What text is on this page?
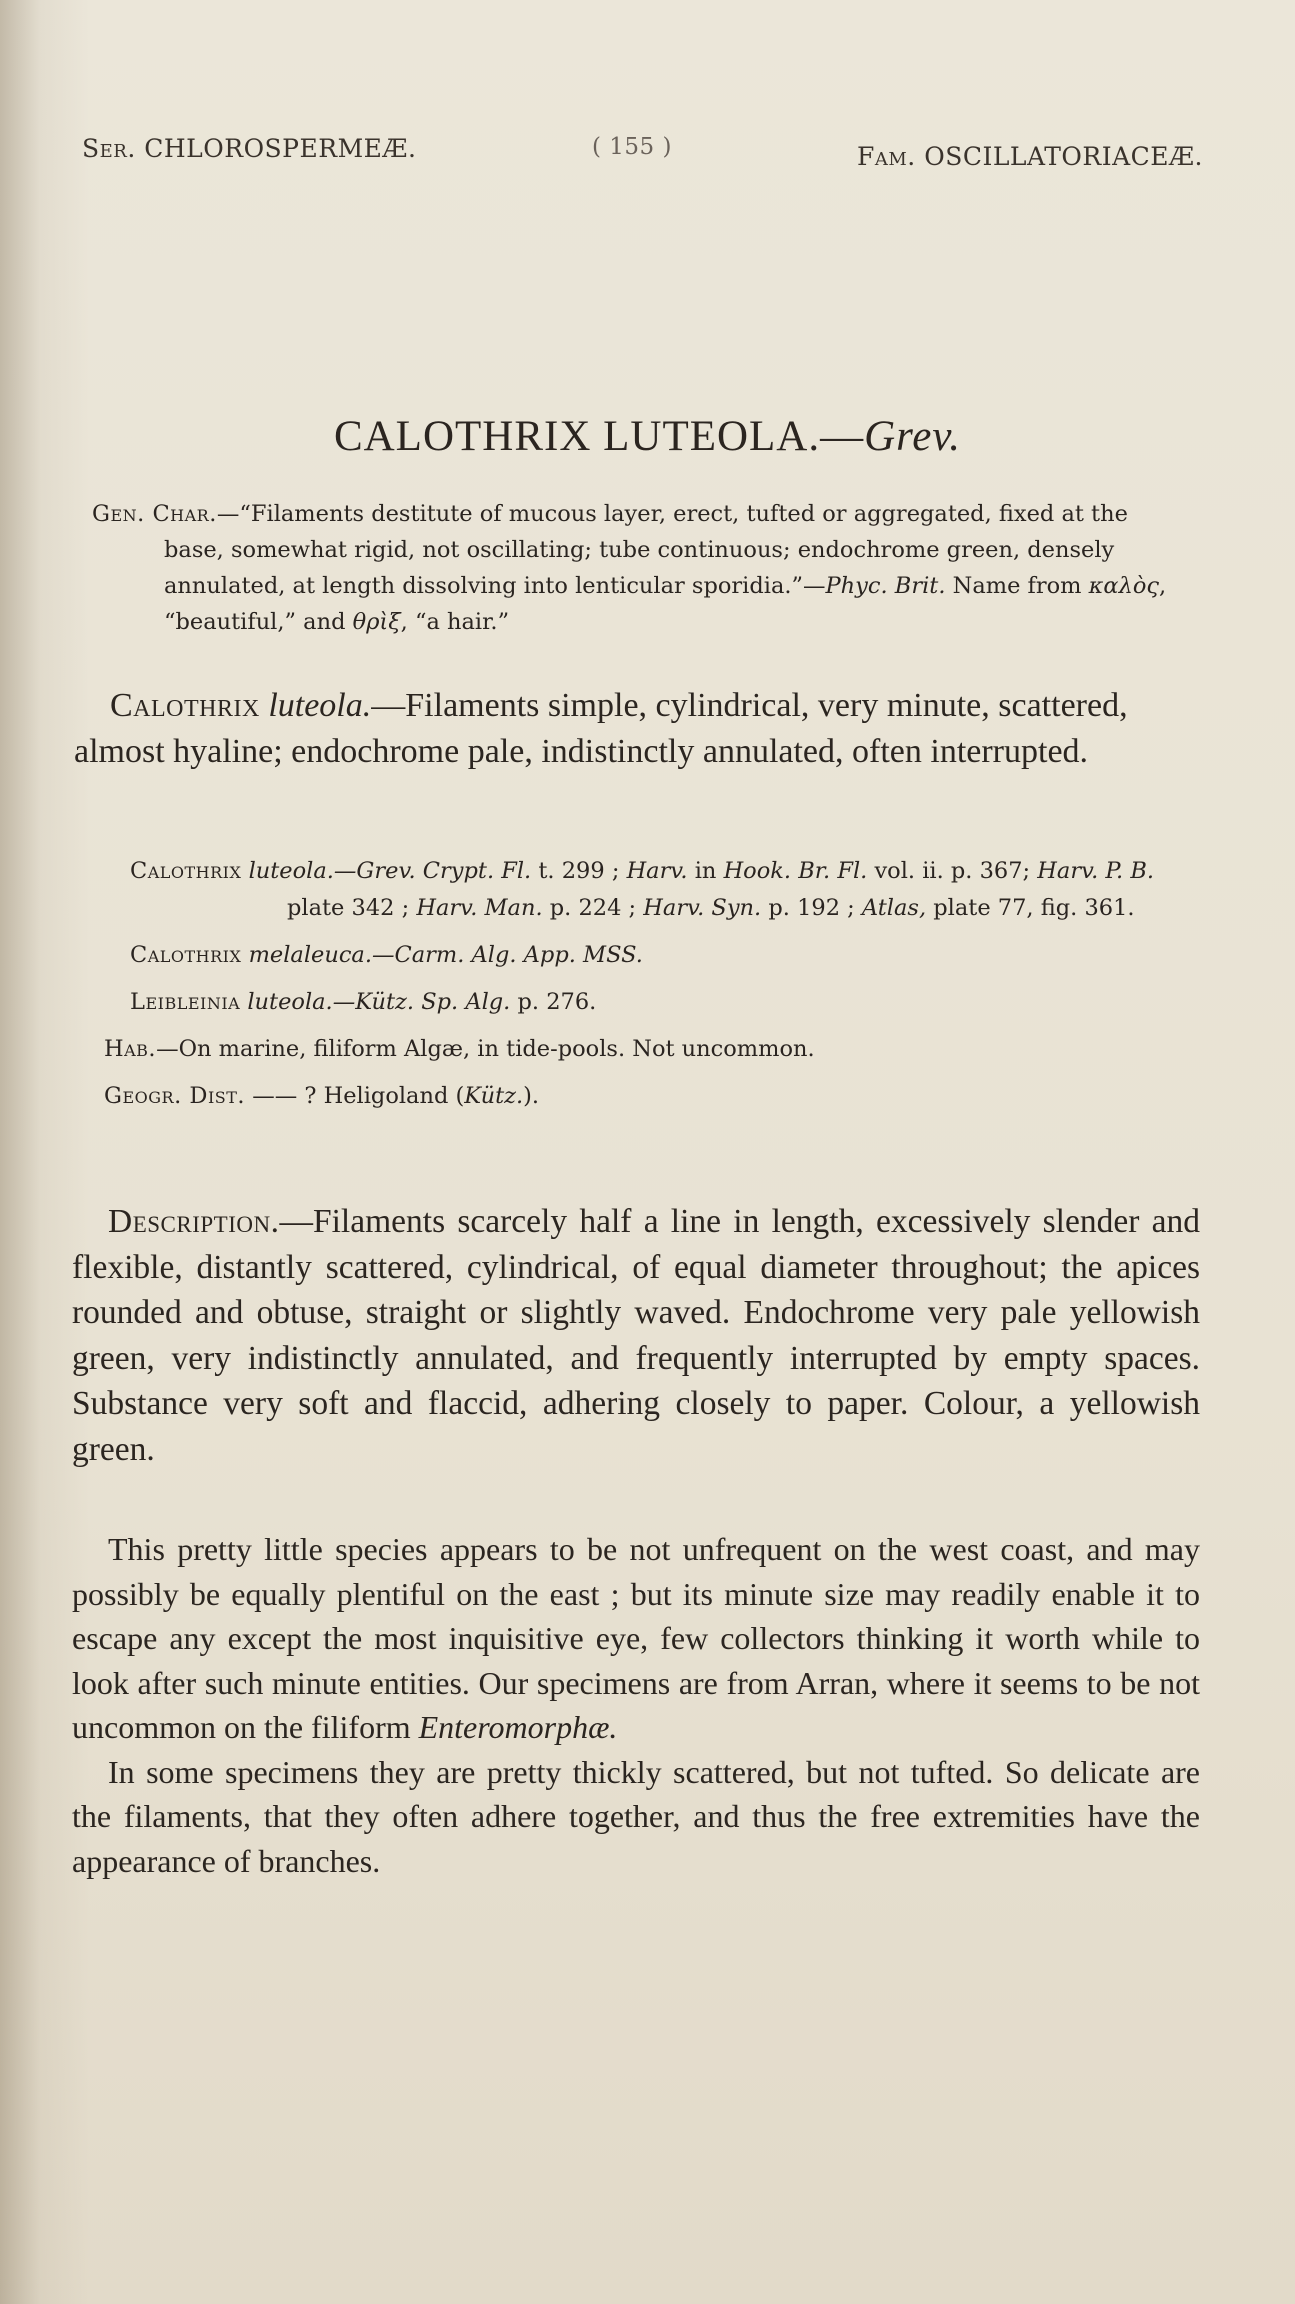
Ser. CHLOROSPERMEÆ.	( 155 )	Fam. OSCILLATORIACEÆ.
CALOTHRIX LUTEOLA.—Grev.

Gen. Char.—“Filaments destitute of mucous layer, erect, tufted or aggregated, fixed at the base, somewhat rigid, not oscillating; tube continuous; endochrome green, densely annulated, at length dissolving into lenticular sporidia.”—Phyc. Brit. Name from καλὸς, “beautiful,” and θρὶξ, “a hair.”

Calothrix luteola.—Filaments simple, cylindrical, very minute, scattered, almost hyaline; endochrome pale, indistinctly annulated, often interrupted.

Calothrix luteola.—Grev. Crypt. Fl. t. 299 ; Harv. in Hook. Br. Fl. vol. ii. p. 367; Harv. P. B. plate 342 ; Harv. Man. p. 224 ; Harv. Syn. p. 192 ; Atlas, plate 77, fig. 361.

Calothrix melaleuca.—Carm. Alg. App. MSS.

Leibleinia luteola.—Kütz. Sp. Alg. p. 276.

Hab.—On marine, filiform Algæ, in tide-pools. Not uncommon.

Geogr. Dist. —— ? Heligoland (Kütz.).

Description.—Filaments scarcely half a line in length, excessively slender and flexible, distantly scattered, cylindrical, of equal diameter throughout; the apices rounded and obtuse, straight or slightly waved. Endochrome very pale yellowish green, very indistinctly annulated, and frequently interrupted by empty spaces. Substance very soft and flaccid, adhering closely to paper. Colour, a yellowish green.

This pretty little species appears to be not unfrequent on the west coast, and may possibly be equally plentiful on the east ; but its minute size may readily enable it to escape any except the most inquisitive eye, few collectors thinking it worth while to look after such minute entities. Our specimens are from Arran, where it seems to be not uncommon on the filiform Enteromorphæ.

In some specimens they are pretty thickly scattered, but not tufted. So delicate are the filaments, that they often adhere together, and thus the free extremities have the appearance of branches.
